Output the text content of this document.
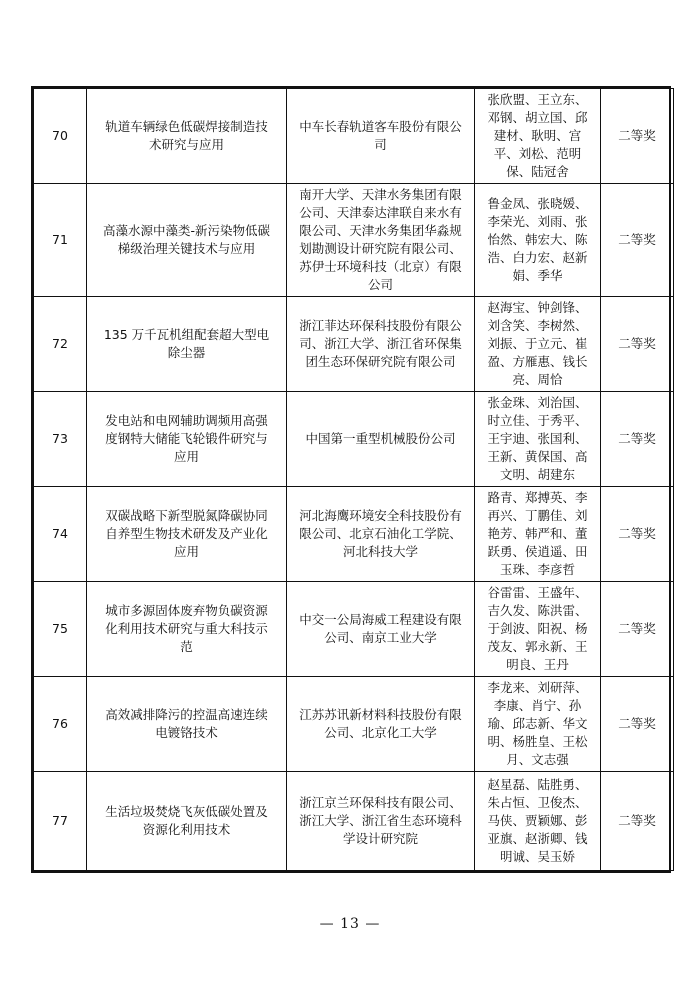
70	轨道车辆绿色低碳焊接制造技术研究与应用	中车长春轨道客车股份有限公司	张欣盟、王立东、邓钢、胡立国、邱建材、耿明、宫平、刘松、范明保、陆冠舍	二等奖
71	高藻水源中藻类-新污染物低碳梯级治理关键技术与应用	南开大学、天津水务集团有限公司、天津泰达津联自来水有限公司、天津水务集团华淼规划勘测设计研究院有限公司、苏伊士环境科技（北京）有限公司	鲁金凤、张晓媛、李荣光、刘雨、张怡然、韩宏大、陈浩、白力宏、赵新娟、季华	二等奖
72	135 万千瓦机组配套超大型电除尘器	浙江菲达环保科技股份有限公司、浙江大学、浙江省环保集团生态环保研究院有限公司	赵海宝、钟剑锋、刘含笑、李树然、刘振、于立元、崔盈、方雁惠、钱长亮、周恰	二等奖
73	发电站和电网辅助调频用高强度钢特大储能飞轮锻件研究与应用	中国第一重型机械股份公司	张金珠、刘治国、时立佳、于秀平、王宇迪、张国利、王新、黄保国、高文明、胡建东	二等奖
74	双碳战略下新型脱氮降碳协同自养型生物技术研发及产业化应用	河北海鹰环境安全科技股份有限公司、北京石油化工学院、河北科技大学	路青、郑搏英、李再兴、丁鹏佳、刘艳芳、韩严和、董跃勇、侯逍遥、田玉珠、李彦哲	二等奖
75	城市多源固体废弃物负碳资源化利用技术研究与重大科技示范	中交一公局海威工程建设有限公司、南京工业大学	谷雷雷、王盛年、吉久发、陈洪雷、于剑波、阳祝、杨茂友、郭永新、王明良、王丹	二等奖
76	高效减排降污的控温高速连续电镀铬技术	江苏苏讯新材料科技股份有限公司、北京化工大学	李龙来、刘研萍、李康、肖宁、孙瑜、邱志新、华文明、杨胜皇、王松月、文志强	二等奖
77	生活垃圾焚烧飞灰低碳处置及资源化利用技术	浙江京兰环保科技有限公司、浙江大学、浙江省生态环境科学设计研究院	赵星磊、陆胜勇、朱占恒、卫俊杰、马侠、贾颖娜、彭亚旗、赵浙卿、钱明诚、吴玉娇	二等奖
— 13 —
